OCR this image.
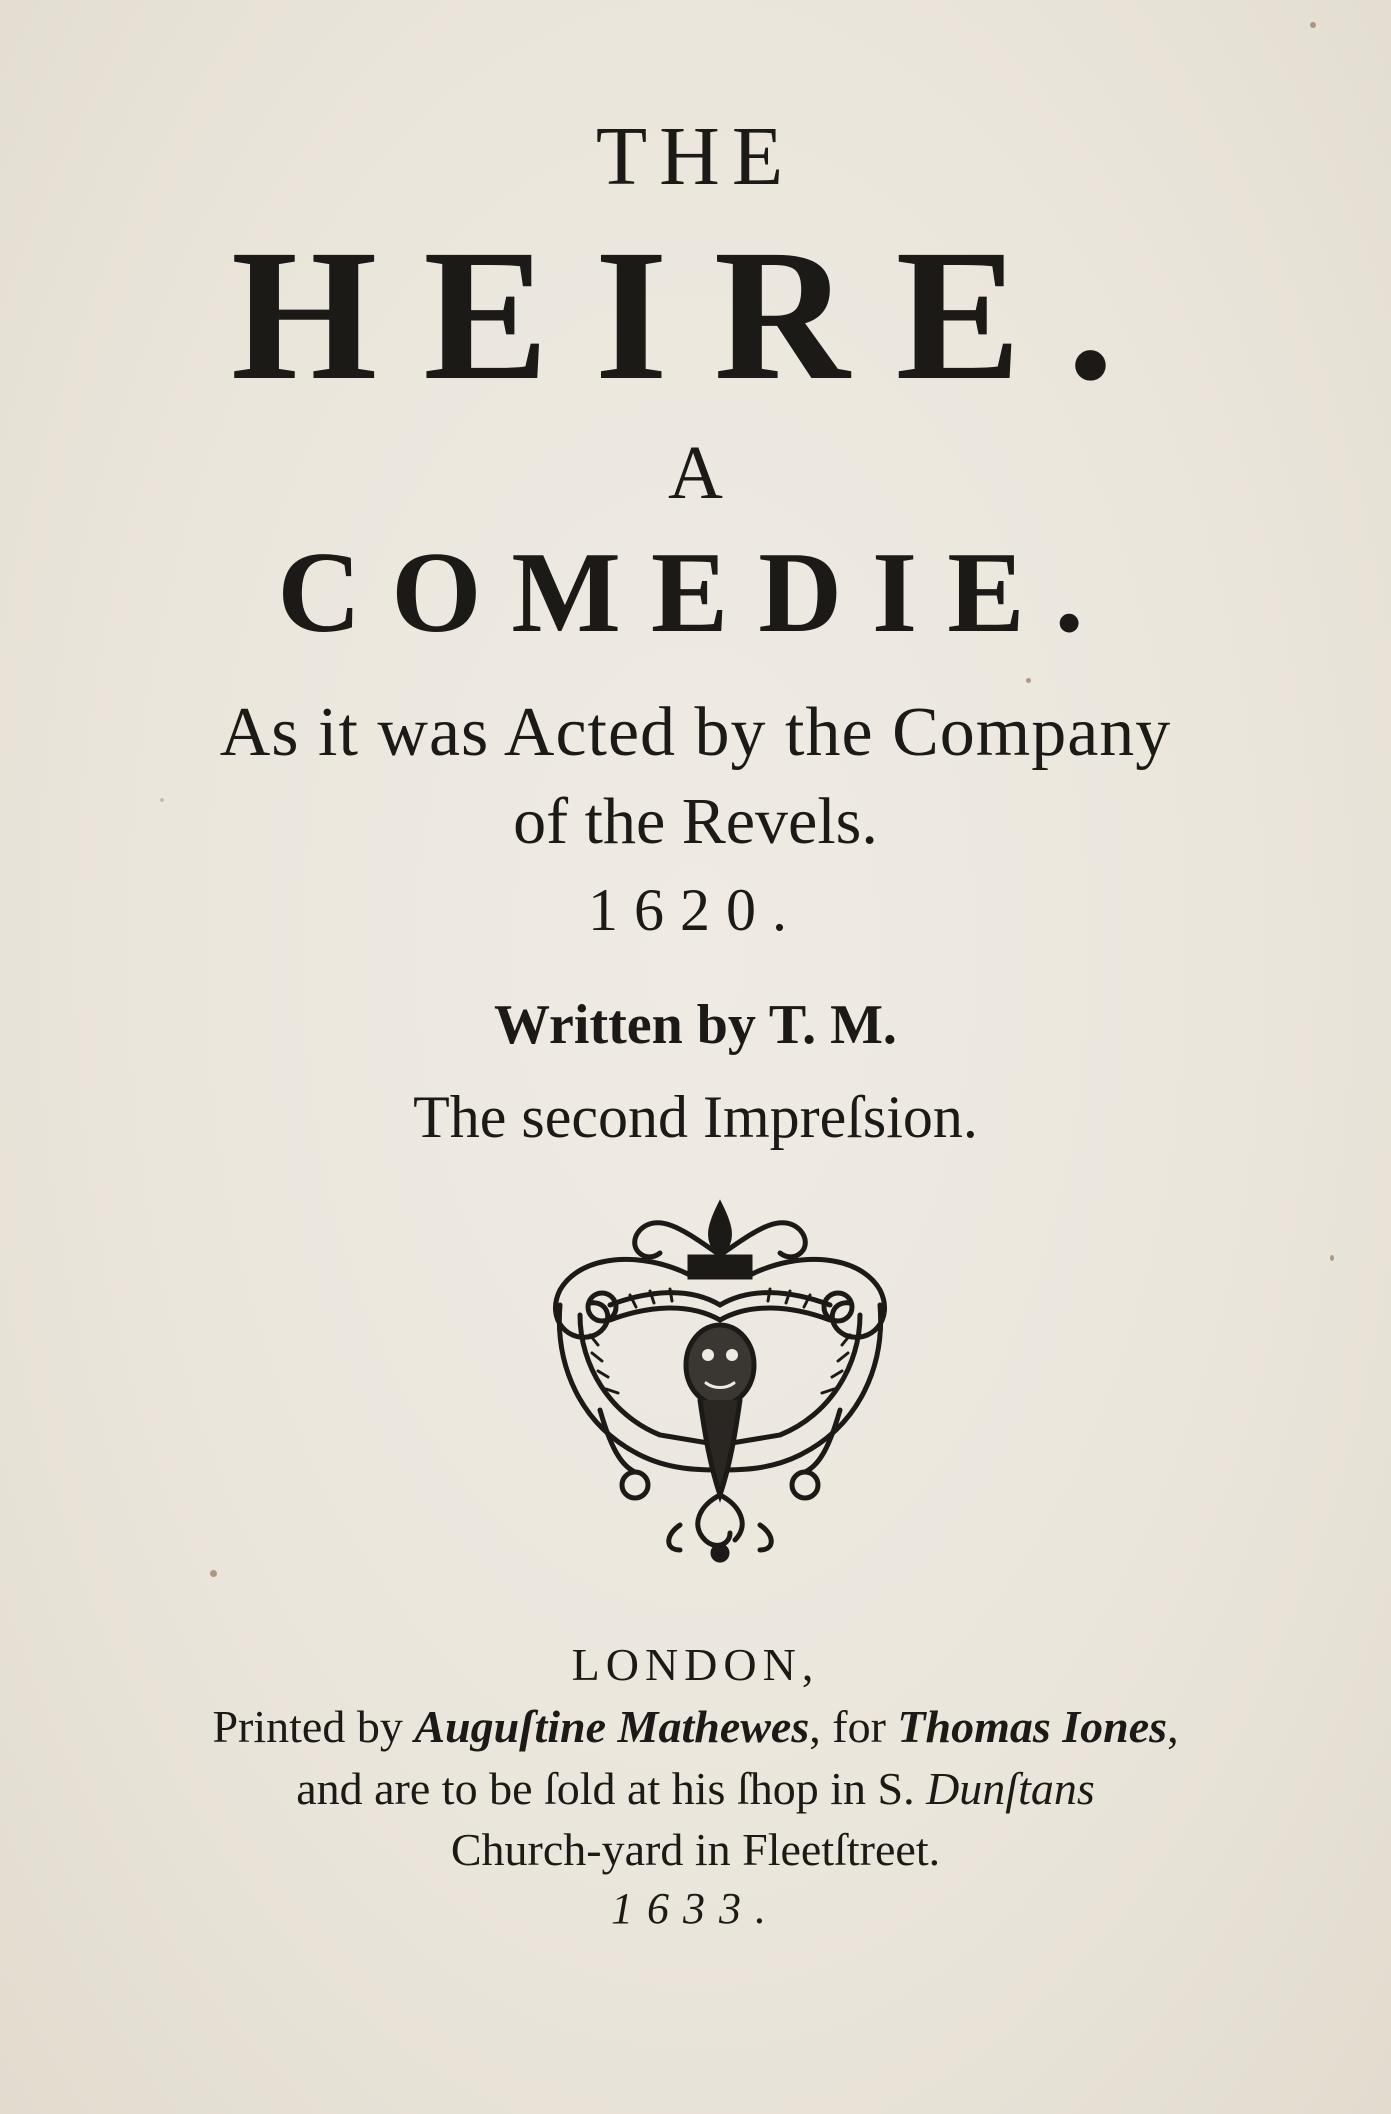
THE
HEIRE.
A
COMEDIE.
As it was Acted by the Company
of the Revels.
1620.
Written by T. M.
The second Impreſsion.
LONDON,
Printed by Auguſtine Mathewes, for Thomas Iones,
and are to be ſold at his ſhop in S. Dunſtans
Church-yard in Fleetſtreet.
1633.
